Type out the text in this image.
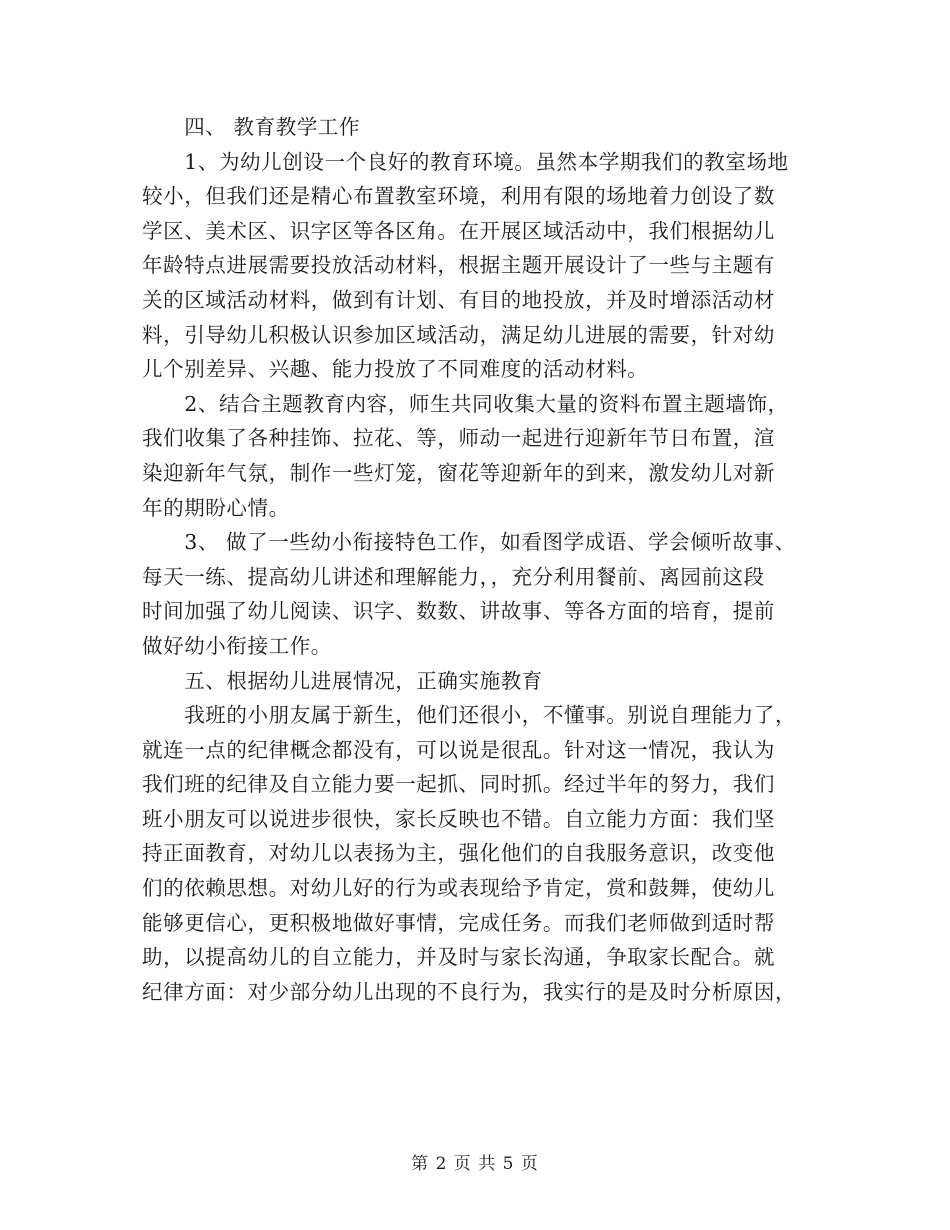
　　四、 教育教学工作
　　1、为幼儿创设一个良好的教育环境。虽然本学期我们的教室场地
较小，但我们还是精心布置教室环境，利用有限的场地着力创设了数
学区、美术区、识字区等各区角。在开展区域活动中，我们根据幼儿
年龄特点进展需要投放活动材料，根据主题开展设计了一些与主题有
关的区域活动材料，做到有计划、有目的地投放，并及时增添活动材
料，引导幼儿积极认识参加区域活动，满足幼儿进展的需要，针对幼
儿个别差异、兴趣、能力投放了不同难度的活动材料。
　　2、结合主题教育内容，师生共同收集大量的资料布置主题墙饰，
我们收集了各种挂饰、拉花、等，师动一起进行迎新年节日布置，渲
染迎新年气氛，制作一些灯笼，窗花等迎新年的到来，激发幼儿对新
年的期盼心情。
　　3、 做了一些幼小衔接特色工作，如看图学成语、学会倾听故事、
每天一练、提高幼儿讲述和理解能力，，充分利用餐前、离园前这段
时间加强了幼儿阅读、识字、数数、讲故事、等各方面的培育，提前
做好幼小衔接工作。
　　五、根据幼儿进展情况，正确实施教育
　　我班的小朋友属于新生，他们还很小，不懂事。别说自理能力了，
就连一点的纪律概念都没有，可以说是很乱。针对这一情况，我认为
我们班的纪律及自立能力要一起抓、同时抓。经过半年的努力，我们
班小朋友可以说进步很快，家长反映也不错。自立能力方面：我们坚
持正面教育，对幼儿以表扬为主，强化他们的自我服务意识，改变他
们的依赖思想。对幼儿好的行为或表现给予肯定，赏和鼓舞，使幼儿
能够更信心，更积极地做好事情，完成任务。而我们老师做到适时帮
助，以提高幼儿的自立能力，并及时与家长沟通，争取家长配合。就
纪律方面：对少部分幼儿出现的不良行为，我实行的是及时分析原因，
第 2 页 共 5 页
